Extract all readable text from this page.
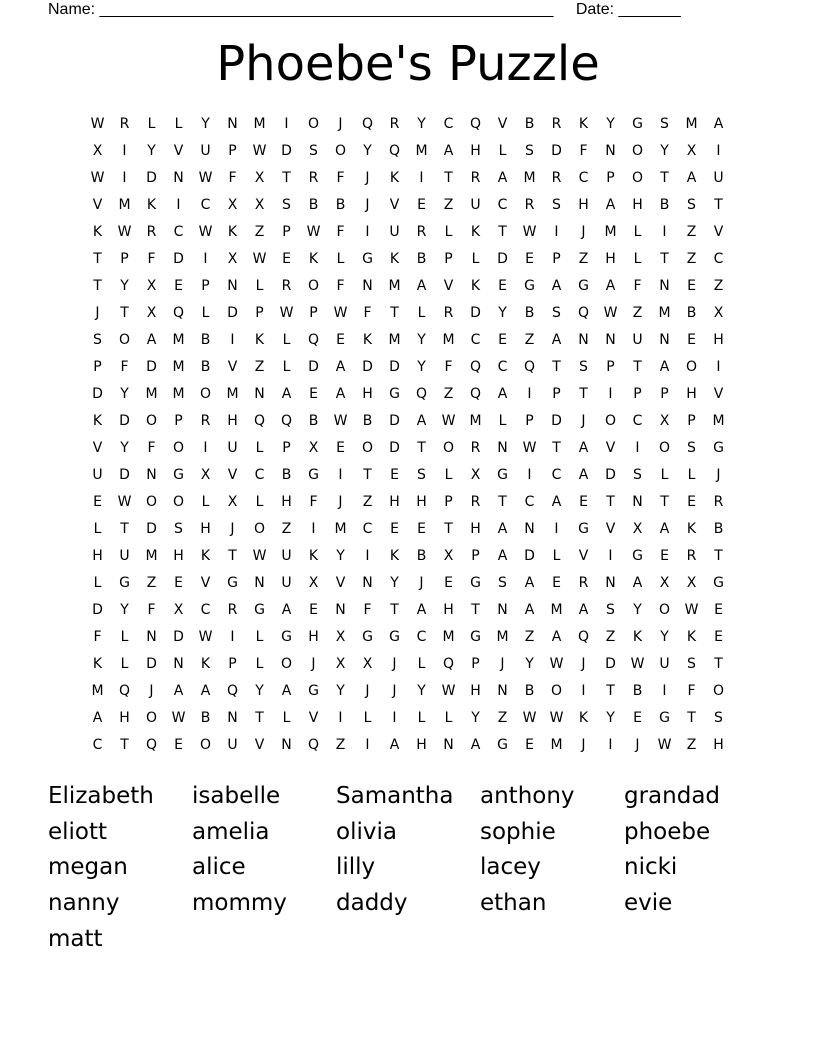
Name: ___________________________________________________ Date: _______
Phoebe's Puzzle
W	R	L	L	Y	N	M	I	O	J	Q	R	Y	C	Q	V	B	R	K	Y	G	S	M	A
X	I	Y	V	U	P	W	D	S	O	Y	Q	M	A	H	L	S	D	F	N	O	Y	X	I
W	I	D	N	W	F	X	T	R	F	J	K	I	T	R	A	M	R	C	P	O	T	A	U
V	M	K	I	C	X	X	S	B	B	J	V	E	Z	U	C	R	S	H	A	H	B	S	T
K	W	R	C	W	K	Z	P	W	F	I	U	R	L	K	T	W	I	J	M	L	I	Z	V
T	P	F	D	I	X	W	E	K	L	G	K	B	P	L	D	E	P	Z	H	L	T	Z	C
T	Y	X	E	P	N	L	R	O	F	N	M	A	V	K	E	G	A	G	A	F	N	E	Z
J	T	X	Q	L	D	P	W	P	W	F	T	L	R	D	Y	B	S	Q	W	Z	M	B	X
S	O	A	M	B	I	K	L	Q	E	K	M	Y	M	C	E	Z	A	N	N	U	N	E	H
P	F	D	M	B	V	Z	L	D	A	D	D	Y	F	Q	C	Q	T	S	P	T	A	O	I
D	Y	M	M	O	M	N	A	E	A	H	G	Q	Z	Q	A	I	P	T	I	P	P	H	V
K	D	O	P	R	H	Q	Q	B	W	B	D	A	W	M	L	P	D	J	O	C	X	P	M
V	Y	F	O	I	U	L	P	X	E	O	D	T	O	R	N	W	T	A	V	I	O	S	G
U	D	N	G	X	V	C	B	G	I	T	E	S	L	X	G	I	C	A	D	S	L	L	J
E	W	O	O	L	X	L	H	F	J	Z	H	H	P	R	T	C	A	E	T	N	T	E	R
L	T	D	S	H	J	O	Z	I	M	C	E	E	T	H	A	N	I	G	V	X	A	K	B
H	U	M	H	K	T	W	U	K	Y	I	K	B	X	P	A	D	L	V	I	G	E	R	T
L	G	Z	E	V	G	N	U	X	V	N	Y	J	E	G	S	A	E	R	N	A	X	X	G
D	Y	F	X	C	R	G	A	E	N	F	T	A	H	T	N	A	M	A	S	Y	O	W	E
F	L	N	D	W	I	L	G	H	X	G	G	C	M	G	M	Z	A	Q	Z	K	Y	K	E
K	L	D	N	K	P	L	O	J	X	X	J	L	Q	P	J	Y	W	J	D	W	U	S	T
M	Q	J	A	A	Q	Y	A	G	Y	J	J	Y	W	H	N	B	O	I	T	B	I	F	O
A	H	O	W	B	N	T	L	V	I	L	I	L	L	Y	Z	W W	K	Y	E	G	T	S
C	T	Q	E	O	U	V	N	Q	Z	I	A	H	N	A	G	E	M	J	I	J	W	Z	H
Elizabeth	isabelle	Samantha	anthony	grandad
eliott	amelia	olivia	sophie	phoebe
megan	alice	lilly	lacey	nicki
nanny	mommy	daddy	ethan	evie
matt
